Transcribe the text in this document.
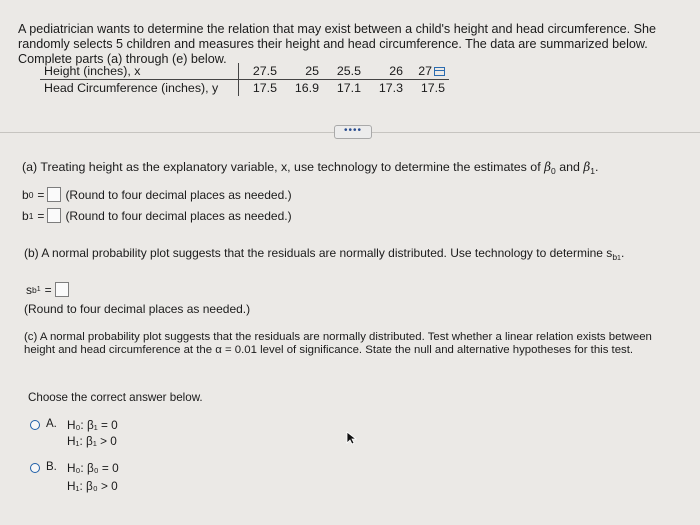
A pediatrician wants to determine the relation that may exist between a child's height and head circumference. She randomly selects 5 children and measures their height and head circumference. The data are summarized below. Complete parts (a) through (e) below.
Height (inches), x	27.5	25	25.5	26	27
Head Circumference (inches), y	17.5	16.9	17.1	17.3	17.5
••••
(a) Treating height as the explanatory variable, x, use technology to determine the estimates of $\beta_0$ and $\beta_1$.
b 0 = (Round to four decimal places as needed.)
b 1 = (Round to four decimal places as needed.)
(b) A normal probability plot suggests that the residuals are normally distributed. Use technology to determine $s_{b1}$.
s b 1 =
(Round to four decimal places as needed.)
(c) A normal probability plot suggests that the residuals are normally distributed. Test whether a linear relation exists between height and head circumference at the α = 0.01 level of significance. State the null and alternative hypotheses for this test.
Choose the correct answer below.
A. H₀: β₁ = 0
H₁: β₁ > 0
B. H₀: β₀ = 0
H₁: β₀ > 0
